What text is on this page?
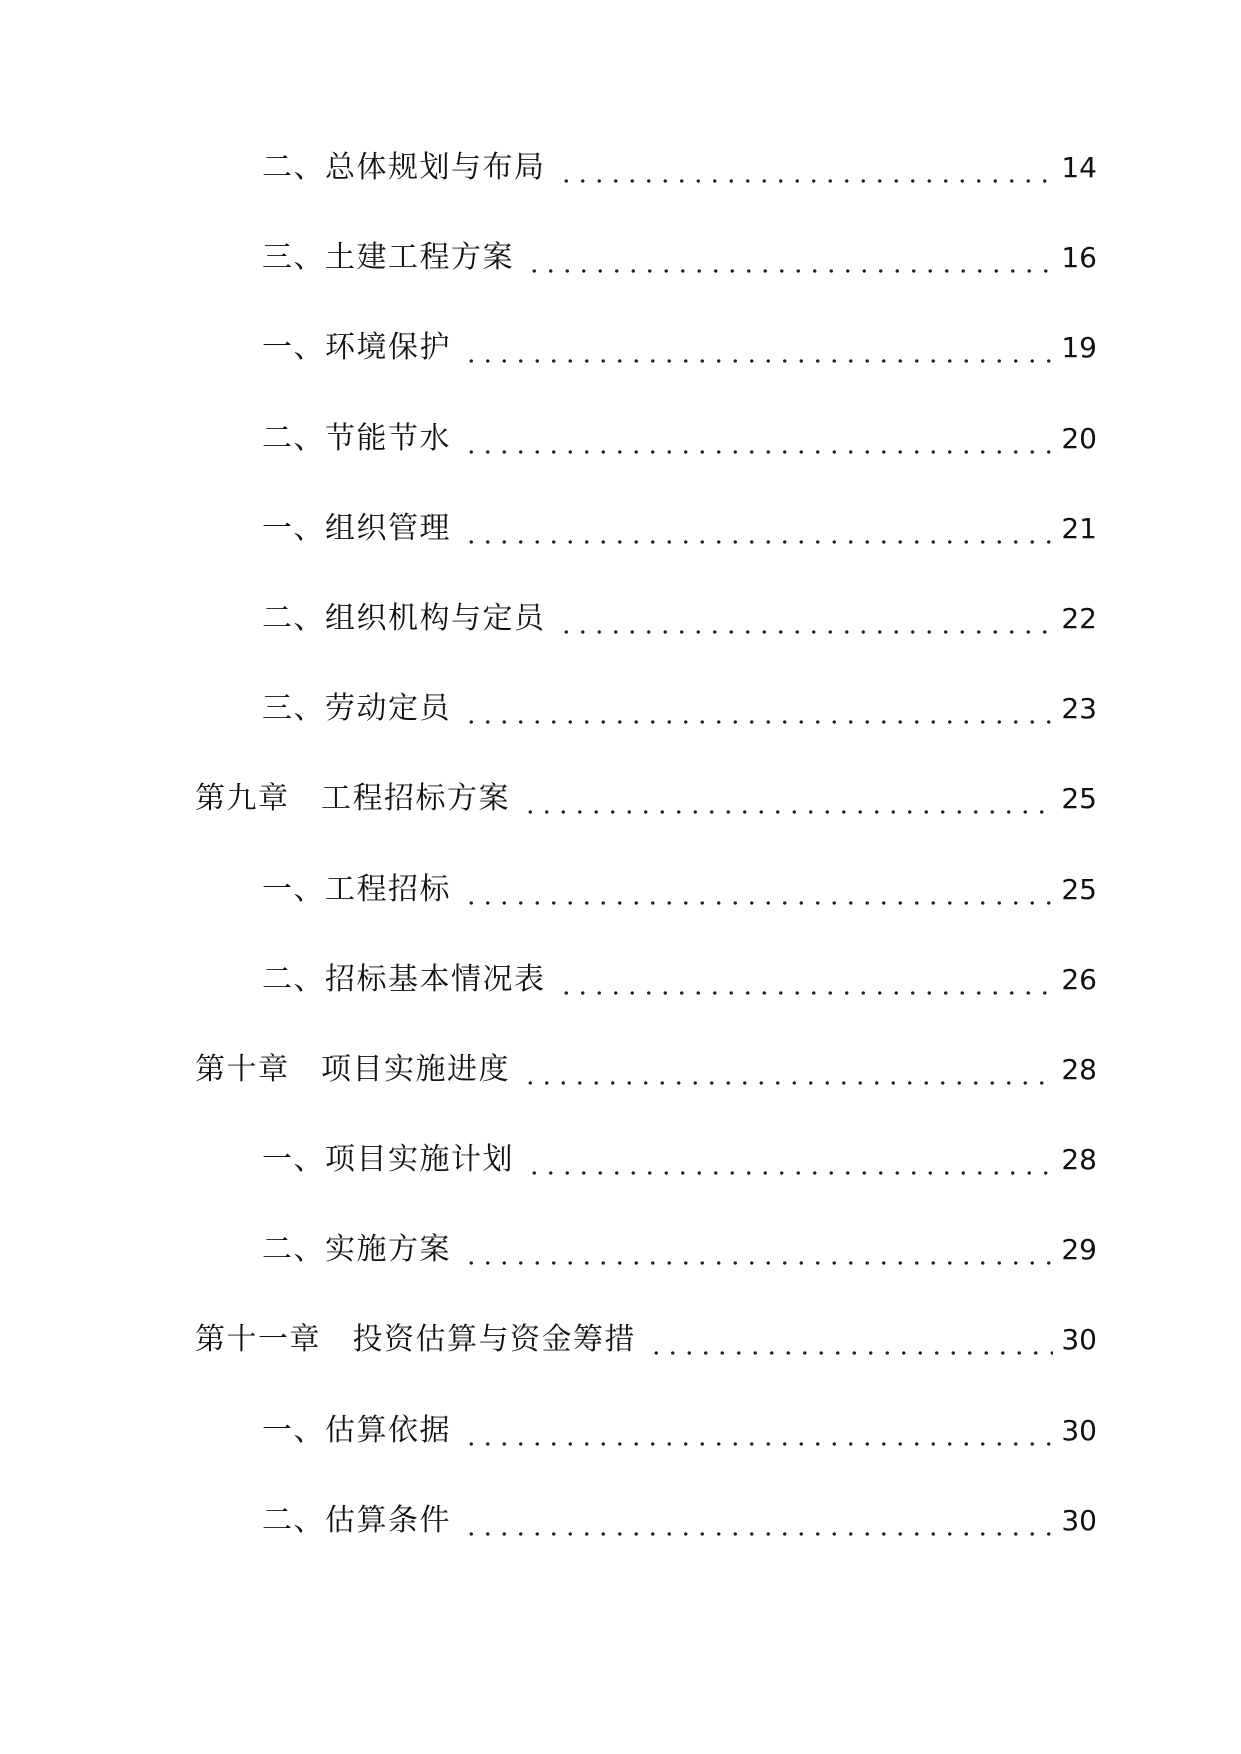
二、总体规划与布局	14
三、土建工程方案	16
一、环境保护	19
二、节能节水	20
一、组织管理	21
二、组织机构与定员	22
三、劳动定员	23
第九章　工程招标方案	25
一、工程招标	25
二、招标基本情况表	26
第十章　项目实施进度	28
一、项目实施计划	28
二、实施方案	29
第十一章　投资估算与资金筹措	30
一、估算依据	30
二、估算条件	30
